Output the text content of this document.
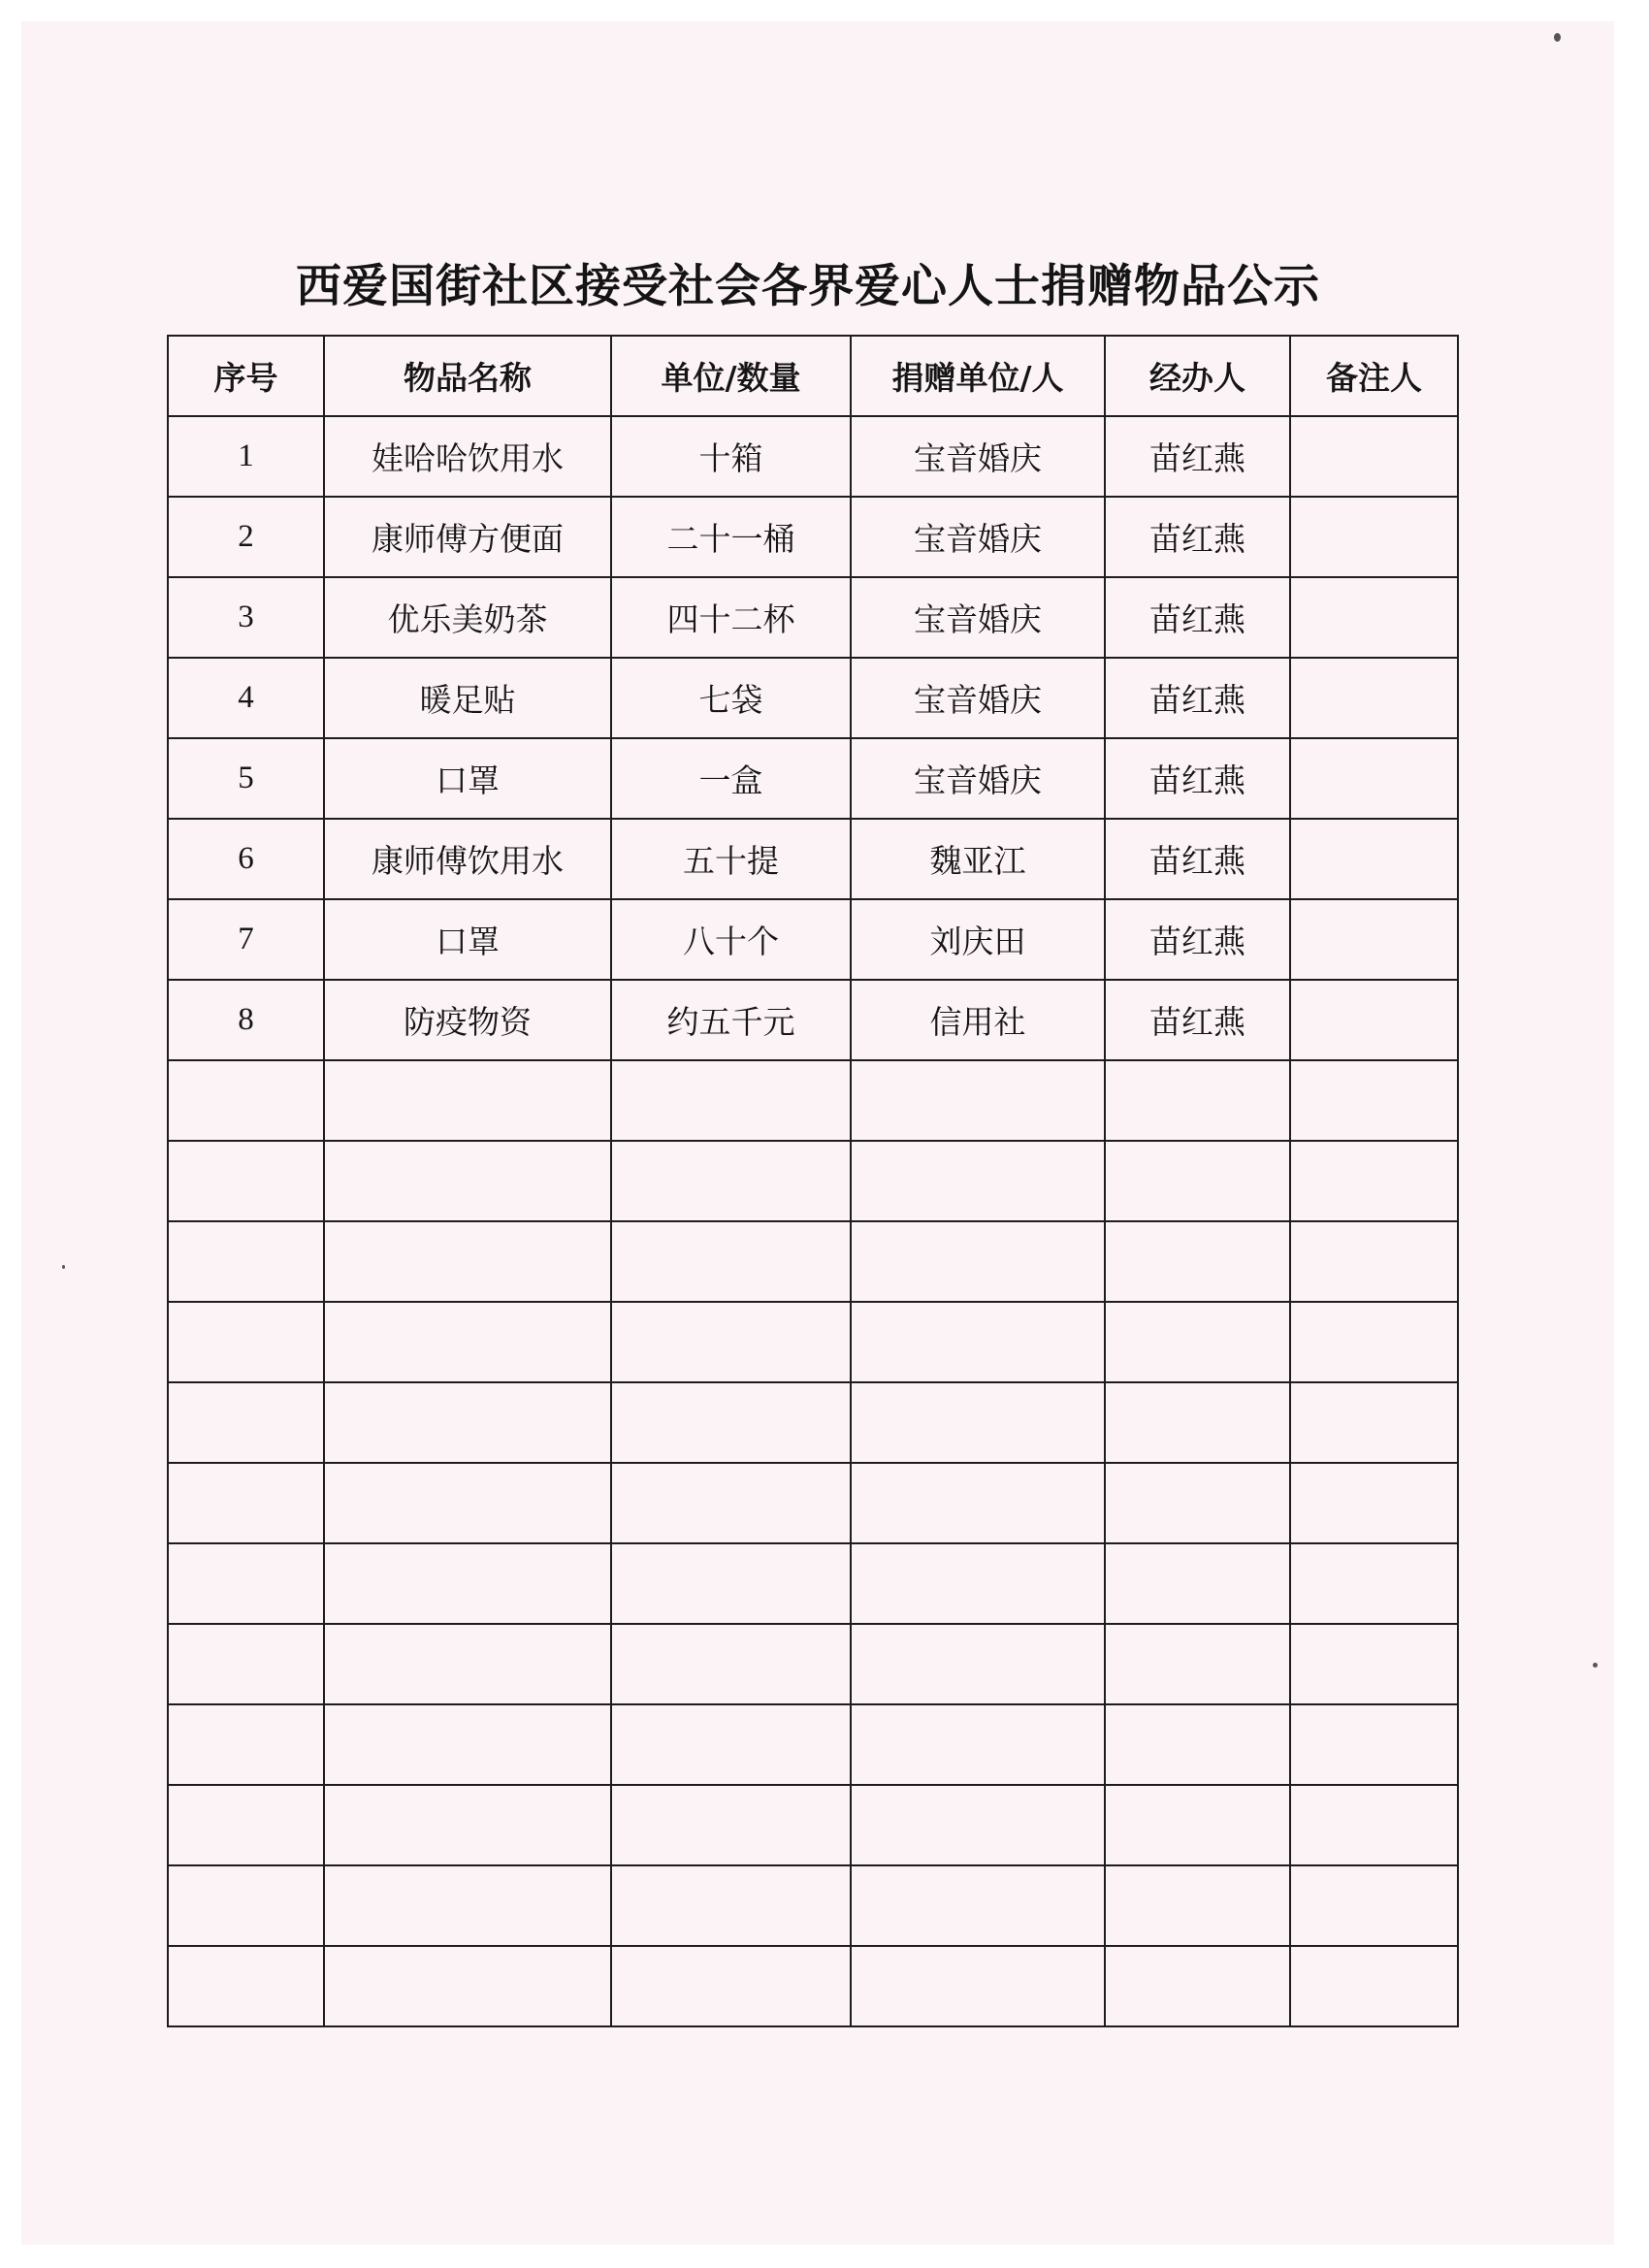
西爱国街社区接受社会各界爱心人士捐赠物品公示
序号	物品名称	单位/数量	捐赠单位/人	经办人	备注人
1	娃哈哈饮用水	十箱	宝音婚庆	苗红燕	
2	康师傅方便面	二十一桶	宝音婚庆	苗红燕	
3	优乐美奶茶	四十二杯	宝音婚庆	苗红燕	
4	暖足贴	七袋	宝音婚庆	苗红燕	
5	口罩	一盒	宝音婚庆	苗红燕	
6	康师傅饮用水	五十提	魏亚江	苗红燕	
7	口罩	八十个	刘庆田	苗红燕	
8	防疫物资	约五千元	信用社	苗红燕	
